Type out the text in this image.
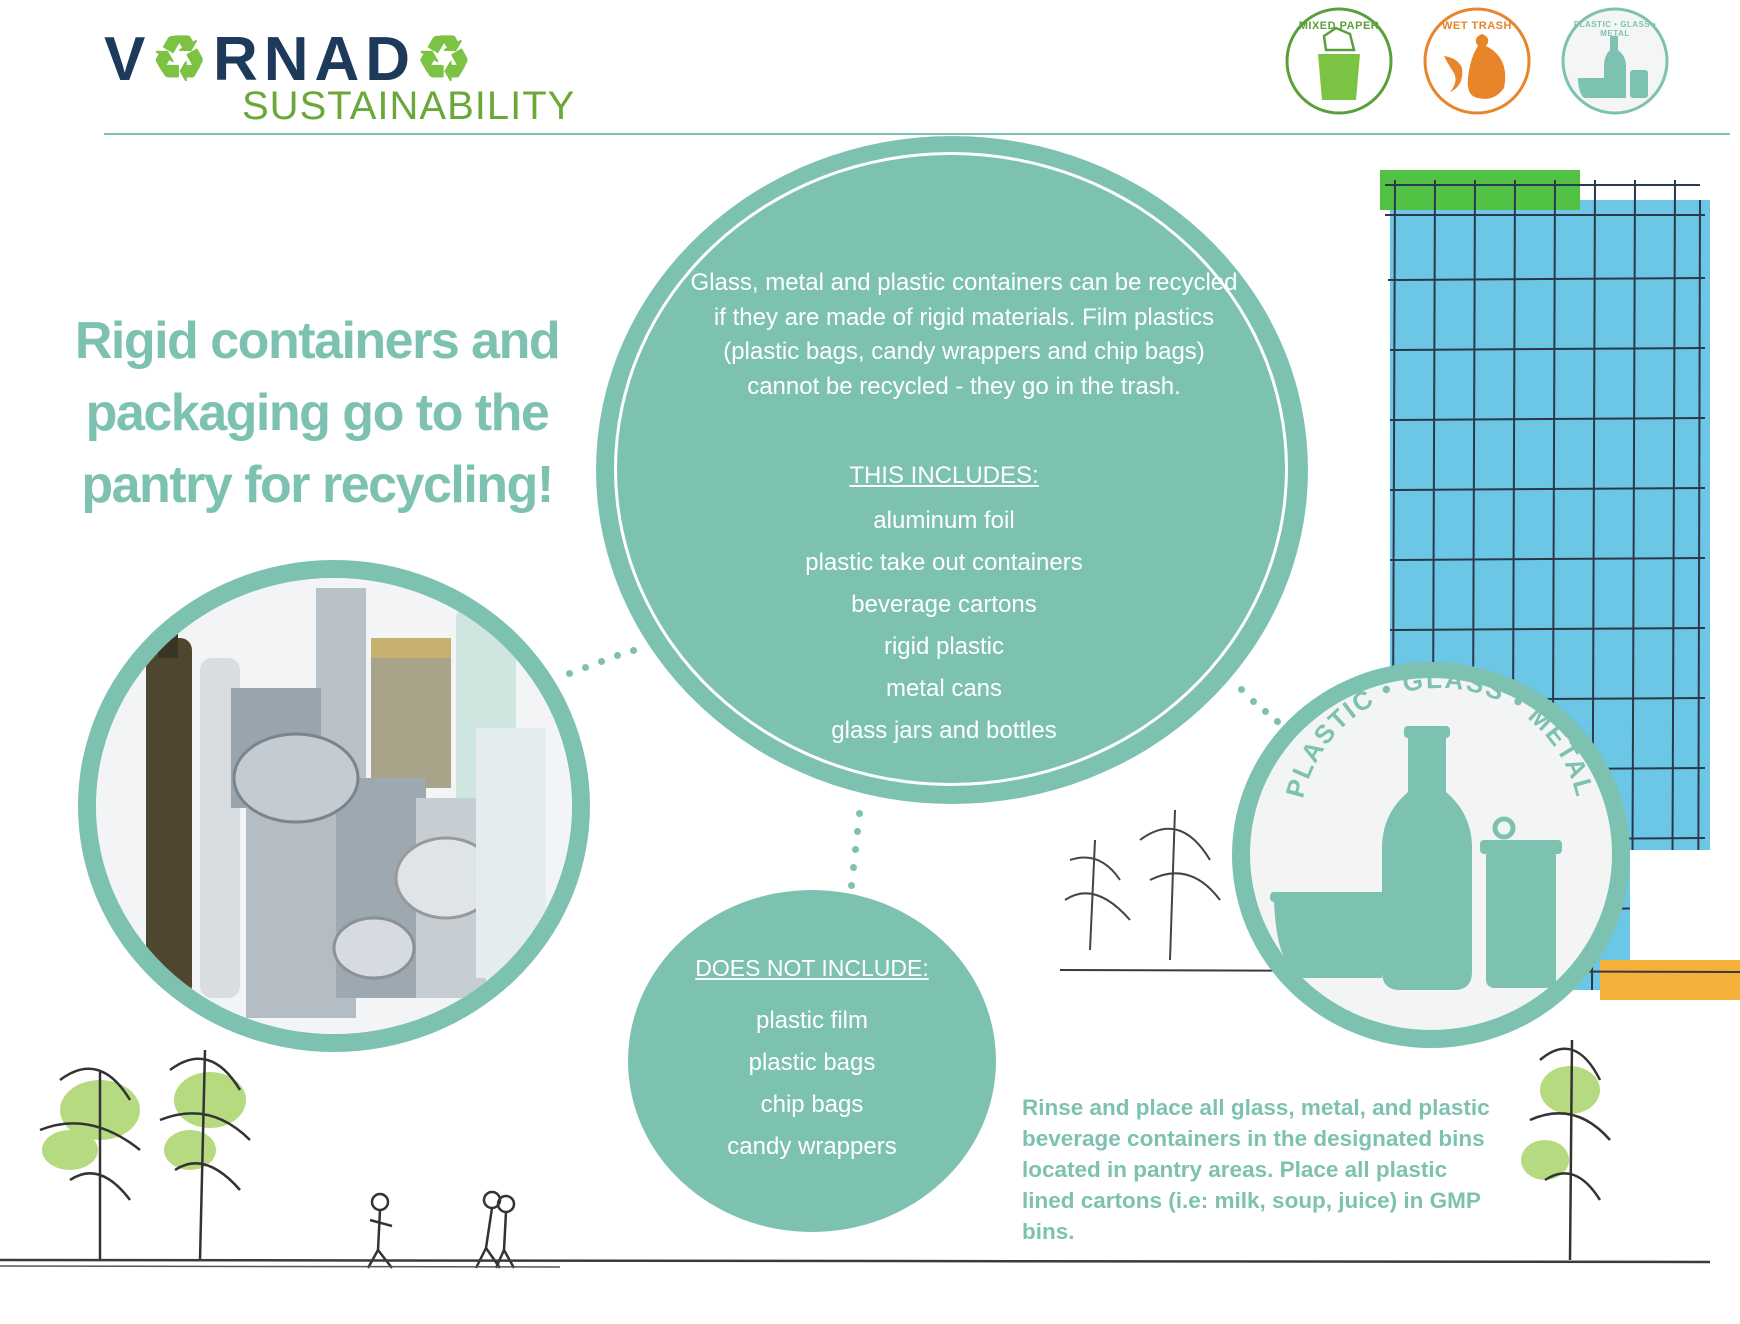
V♻RNAD♻
SUSTAINABILITY
MIXED PAPER	WET TRASH	PLASTIC • GLASS • METAL
Rigid containers and
packaging go to the
pantry for recycling!
Glass, metal and plastic containers can be recycled if they are made of rigid materials. Film plastics (plastic bags, candy wrappers and chip bags) cannot be recycled - they go in the trash.
THIS INCLUDES:
aluminum foil
plastic take out containers
beverage cartons
rigid plastic
metal cans
glass jars and bottles
DOES NOT INCLUDE:
plastic film
plastic bags
chip bags
candy wrappers
PLASTIC • GLASS • METAL
Rinse and place all glass, metal, and plastic beverage containers in the designated bins located in pantry areas. Place all plastic lined cartons (i.e: milk, soup, juice) in GMP bins.
